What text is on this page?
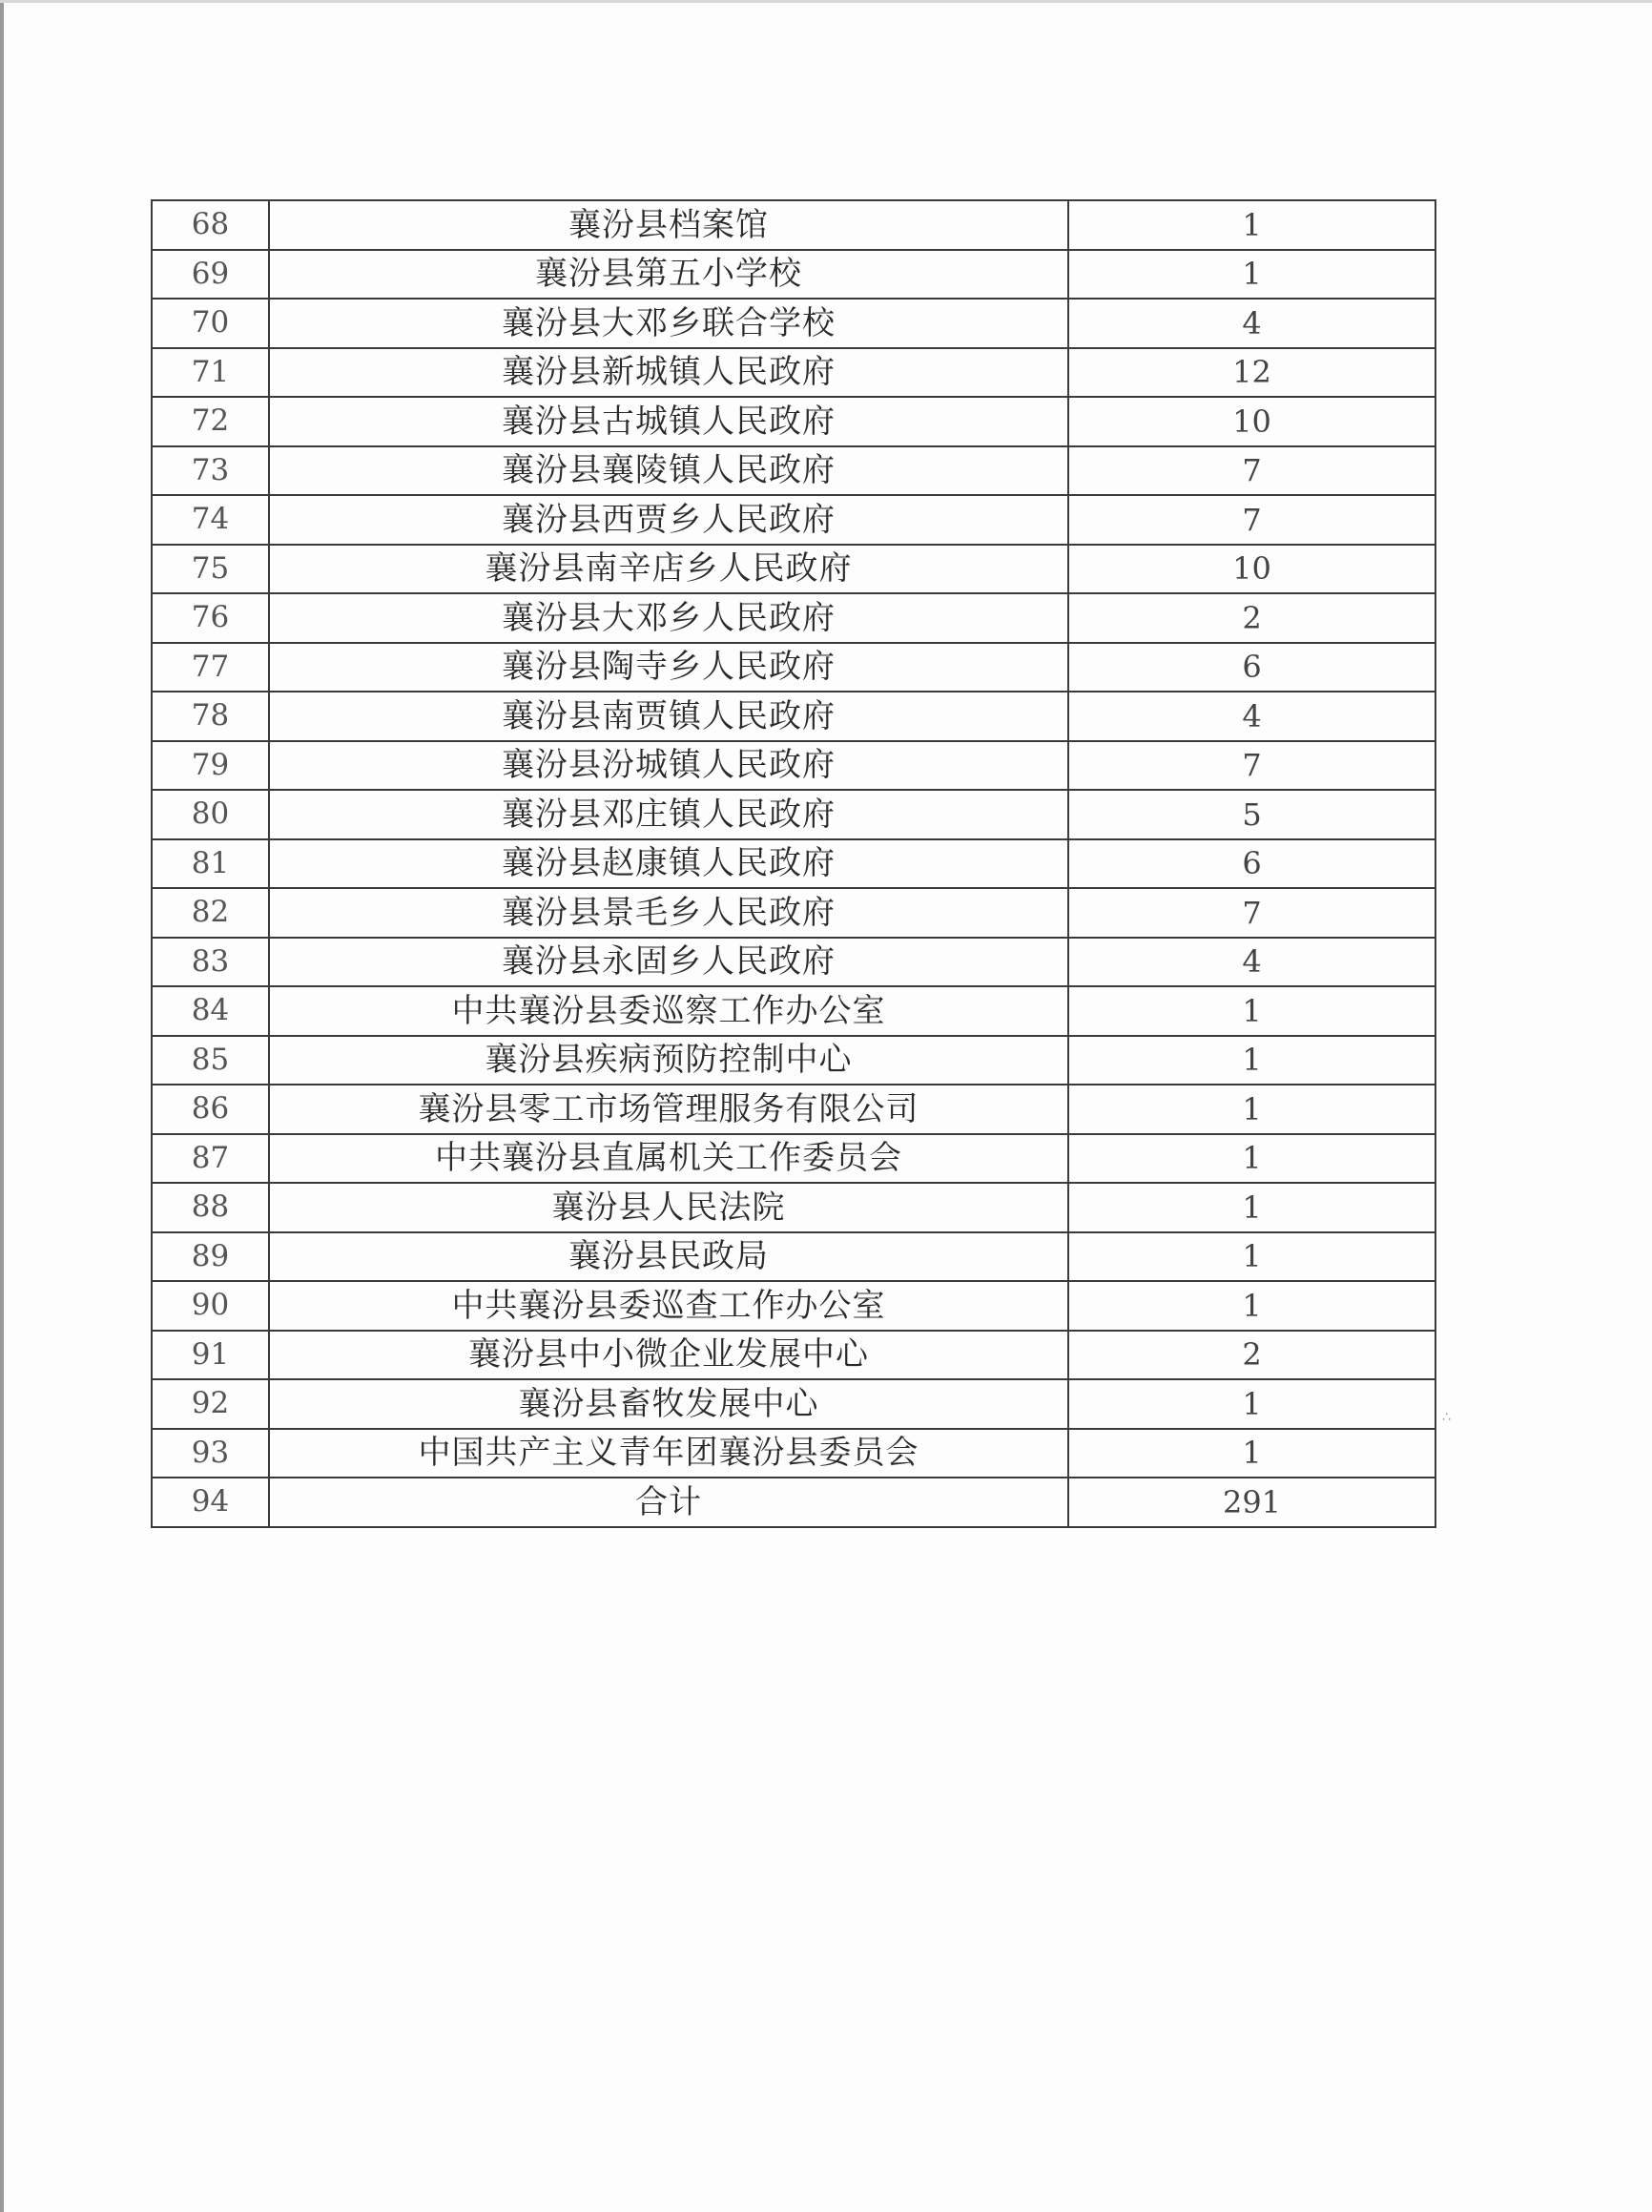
68	襄汾县档案馆	1
69	襄汾县第五小学校	1
70	襄汾县大邓乡联合学校	4
71	襄汾县新城镇人民政府	12
72	襄汾县古城镇人民政府	10
73	襄汾县襄陵镇人民政府	7
74	襄汾县西贾乡人民政府	7
75	襄汾县南辛店乡人民政府	10
76	襄汾县大邓乡人民政府	2
77	襄汾县陶寺乡人民政府	6
78	襄汾县南贾镇人民政府	4
79	襄汾县汾城镇人民政府	7
80	襄汾县邓庄镇人民政府	5
81	襄汾县赵康镇人民政府	6
82	襄汾县景毛乡人民政府	7
83	襄汾县永固乡人民政府	4
84	中共襄汾县委巡察工作办公室	1
85	襄汾县疾病预防控制中心	1
86	襄汾县零工市场管理服务有限公司	1
87	中共襄汾县直属机关工作委员会	1
88	襄汾县人民法院	1
89	襄汾县民政局	1
90	中共襄汾县委巡查工作办公室	1
91	襄汾县中小微企业发展中心	2
92	襄汾县畜牧发展中心	1
93	中国共产主义青年团襄汾县委员会	1
94	合计	291
∴
